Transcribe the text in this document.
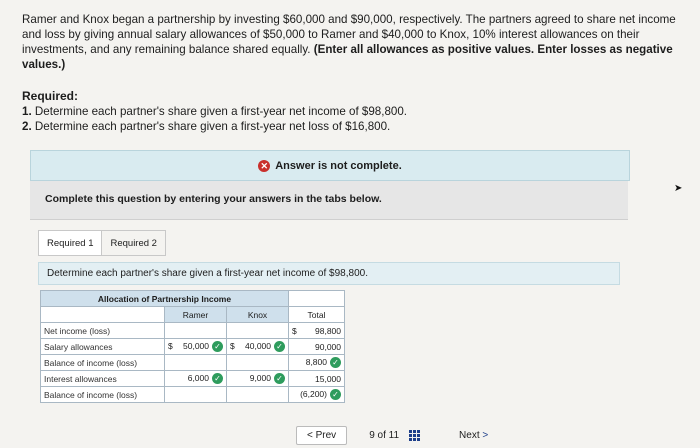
Ramer and Knox began a partnership by investing $60,000 and $90,000, respectively. The partners agreed to share net income and loss by giving annual salary allowances of $50,000 to Ramer and $40,000 to Knox, 10% interest allowances on their investments, and any remaining balance shared equally. (Enter all allowances as positive values. Enter losses as negative values.)
Required:
1. Determine each partner's share given a first-year net income of $98,800.
2. Determine each partner's share given a first-year net loss of $16,800.
✕ Answer is not complete.
Complete this question by entering your answers in the tabs below.
➤
Required 1	Required 2
Determine each partner's share given a first-year net income of $98,800.
Allocation of Partnership Income			
	Ramer	Knox	Total
Net income (loss)			$ 98,800
Salary allowances	$ 50,000 ✓	$ 40,000 ✓	90,000
Balance of income (loss)			8,800 ✓
Interest allowances	6,000 ✓	9,000 ✓	15,000
Balance of income (loss)			(6,200) ✓
< Prev	9 of 11	Next >
